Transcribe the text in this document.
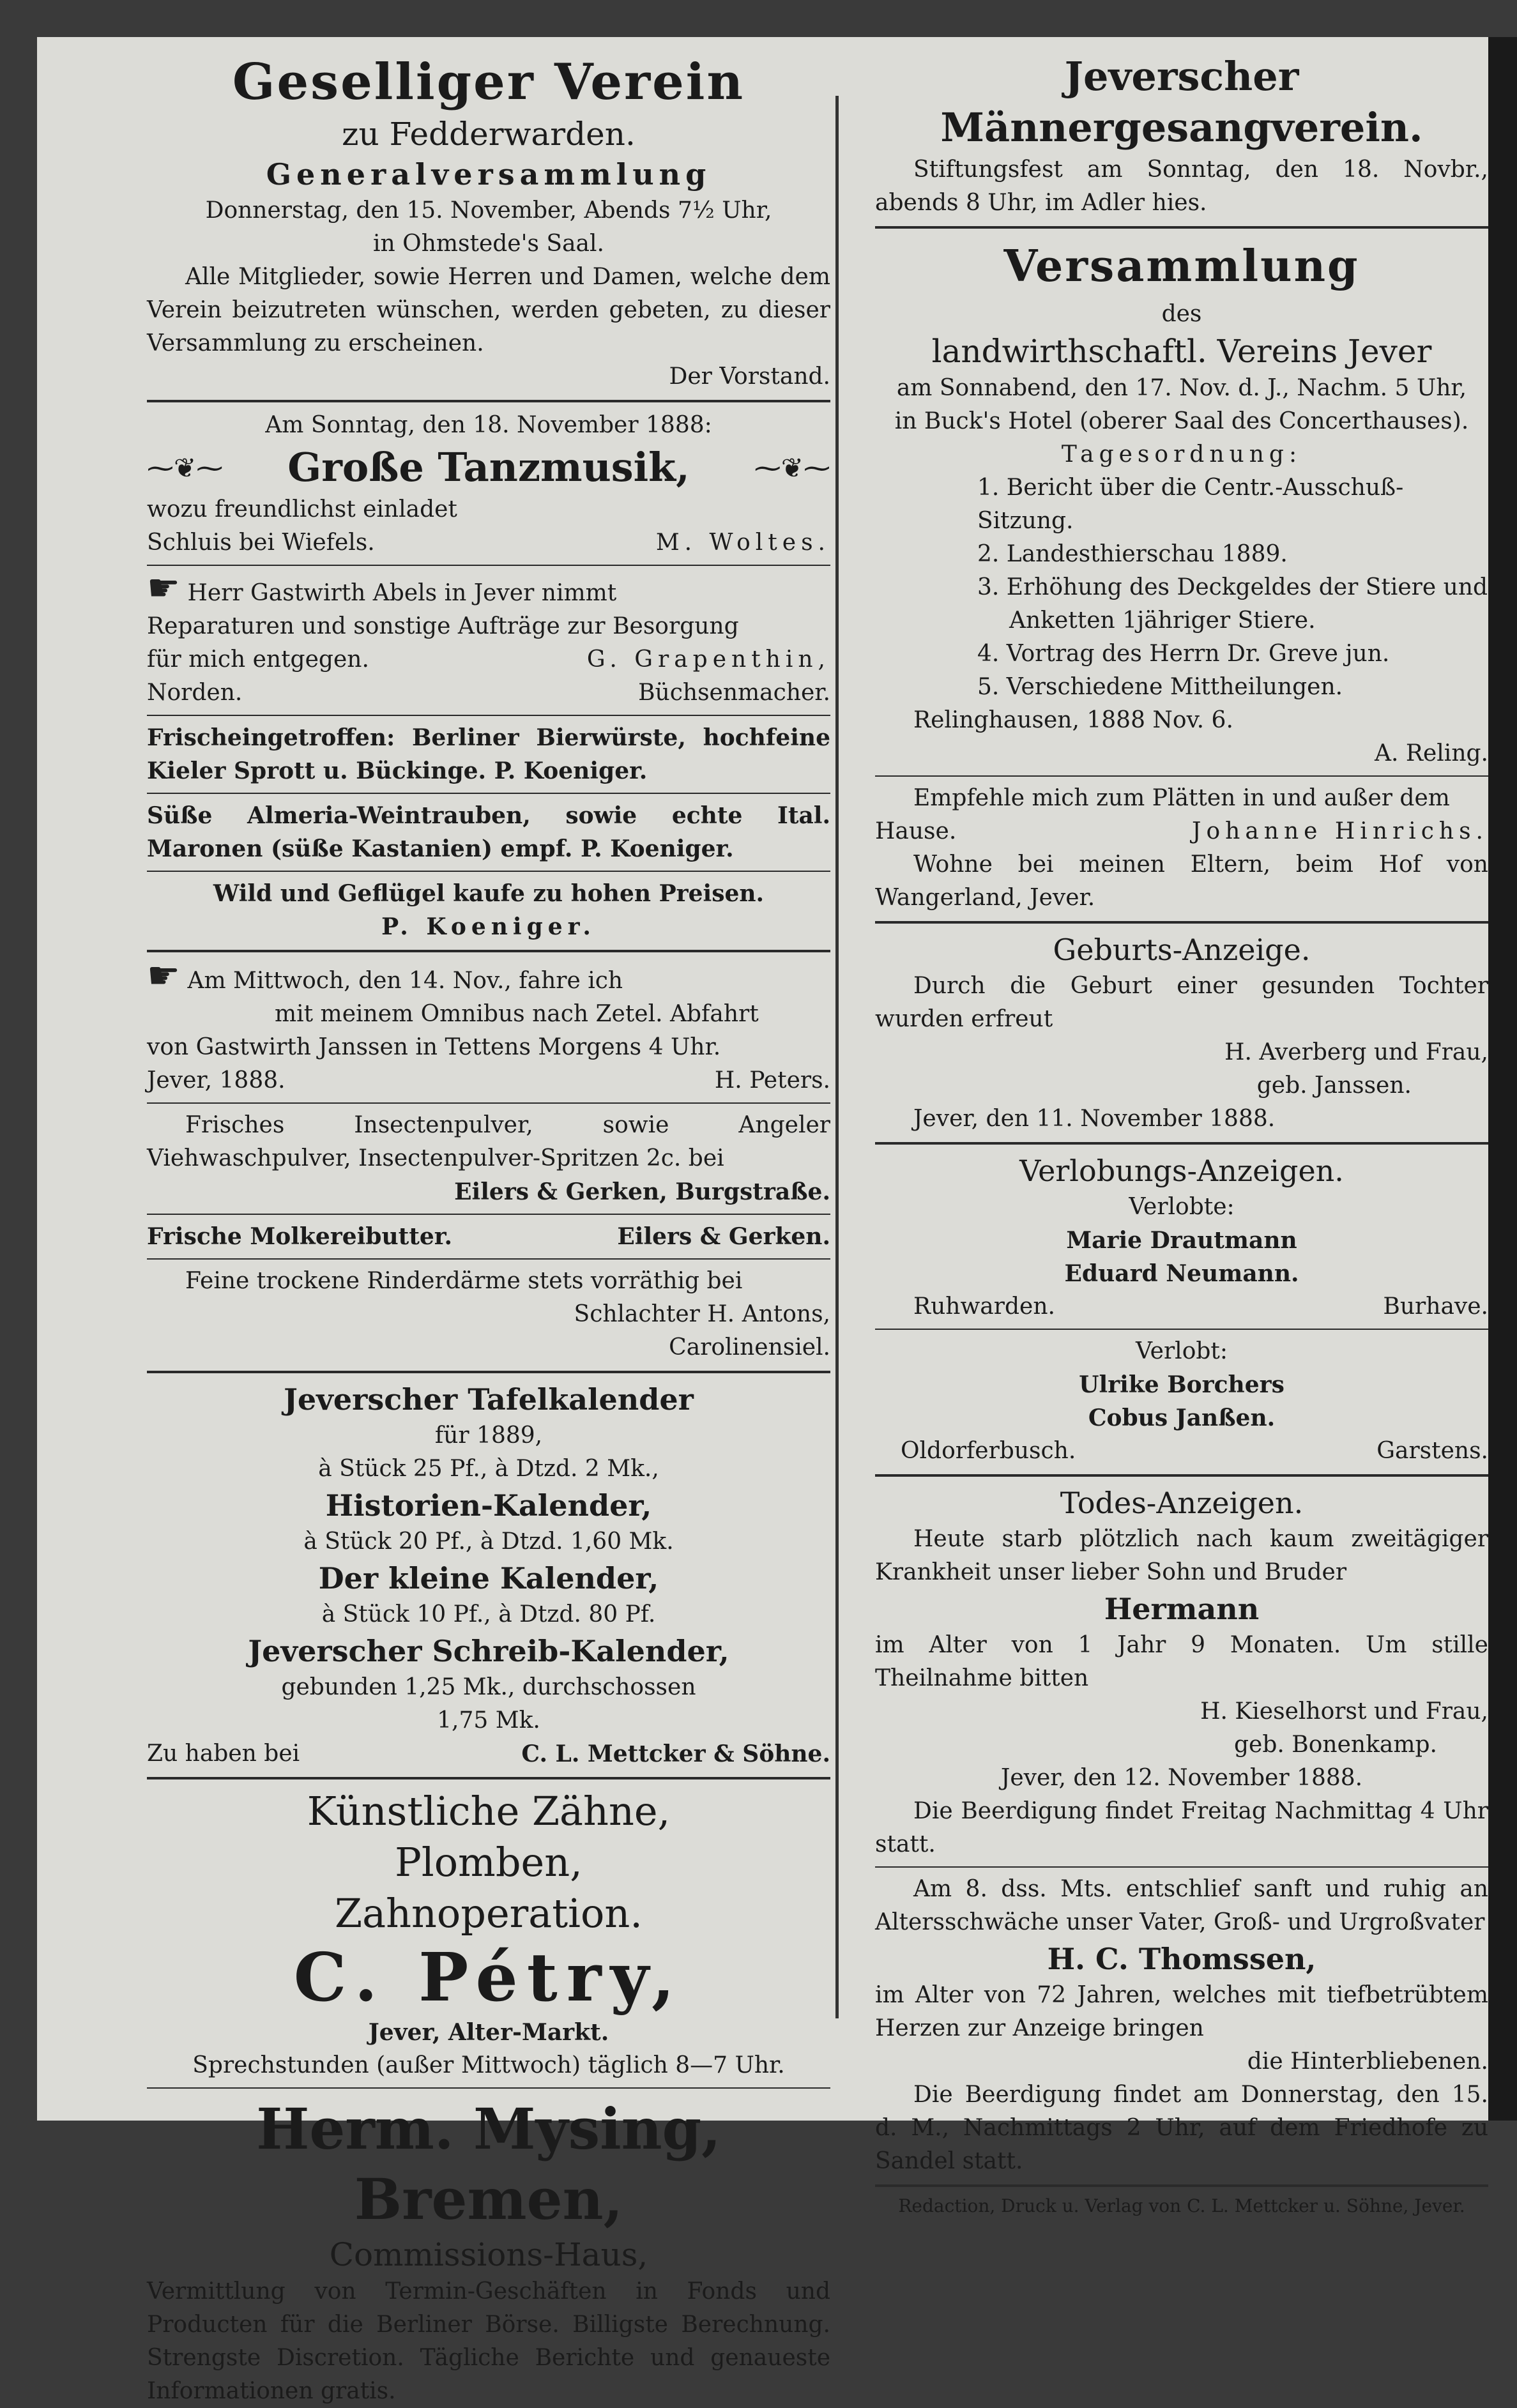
Geselliger Verein

zu Fedderwarden.

Generalversammlung

Donnerstag, den 15. November, Abends 7½ Uhr,

in Ohmstede's Saal.

Alle Mitglieder, sowie Herren und Damen, welche dem Verein beizutreten wünschen, werden gebeten, zu dieser Versammlung zu erscheinen.

Der Vorstand.

Am Sonntag, den 18. November 1888:

⁓❦⁓ Große Tanzmusik, ⁓❦⁓

wozu freundlichst einladet

Schluis bei Wiefels.	M. Woltes.

☛ Herr Gastwirth Abels in Jever nimmt

Reparaturen und sonstige Aufträge zur Besorgung

für mich entgegen.	G. Grapenthin,
Norden.	Büchsenmacher.

Frischeingetroffen: Berliner Bierwürste, hochfeine Kieler Sprott u. Bückinge. P. Koeniger.

Süße Almeria-Weintrauben, sowie echte Ital. Maronen (süße Kastanien) empf. P. Koeniger.

Wild und Geflügel kaufe zu hohen Preisen.

P. Koeniger.

☛ Am Mittwoch, den 14. Nov., fahre ich

mit meinem Omnibus nach Zetel. Abfahrt

von Gastwirth Janssen in Tettens Morgens 4 Uhr.

Jever, 1888.	H. Peters.

Frisches Insectenpulver, sowie Angeler Viehwaschpulver, Insectenpulver-Spritzen 2c. bei

Eilers & Gerken, Burgstraße.

Frische Molkereibutter.	Eilers & Gerken.

Feine trockene Rinderdärme stets vorräthig bei

Schlachter H. Antons,

Carolinensiel.

Jeverscher Tafelkalender

für 1889,

à Stück 25 Pf., à Dtzd. 2 Mk.,

Historien-Kalender,

à Stück 20 Pf., à Dtzd. 1,60 Mk.

Der kleine Kalender,

à Stück 10 Pf., à Dtzd. 80 Pf.

Jeverscher Schreib-Kalender,

gebunden 1,25 Mk., durchschossen

1,75 Mk.

Zu haben bei	C. L. Mettcker & Söhne.

Künstliche Zähne,

Plomben,

Zahnoperation.

C. Pétry,

Jever, Alter-Markt.

Sprechstunden (außer Mittwoch) täglich 8—7 Uhr.

Herm. Mysing, Bremen,

Commissions-Haus,

Vermittlung von Termin-Geschäften in Fonds und Producten für die Berliner Börse. Billigste Berechnung. Strengste Discretion. Tägliche Berichte und genaueste Informationen gratis.

Jeverscher

Männergesangverein.

Stiftungsfest am Sonntag, den 18. Novbr., abends 8 Uhr, im Adler hies.

Versammlung

des

landwirthschaftl. Vereins Jever

am Sonnabend, den 17. Nov. d. J., Nachm. 5 Uhr,

in Buck's Hotel (oberer Saal des Concerthauses).

Tagesordnung:

1. Bericht über die Centr.-Ausschuß-Sitzung.

2. Landesthierschau 1889.

3. Erhöhung des Deckgeldes der Stiere und

Anketten 1jähriger Stiere.

4. Vortrag des Herrn Dr. Greve jun.

5. Verschiedene Mittheilungen.

Relinghausen, 1888 Nov. 6.

A. Reling.

Empfehle mich zum Plätten in und außer dem

Hause.	Johanne Hinrichs.

Wohne bei meinen Eltern, beim Hof von Wangerland, Jever.

Geburts-Anzeige.

Durch die Geburt einer gesunden Tochter wurden erfreut

H. Averberg und Frau,

geb. Janssen.

Jever, den 11. November 1888.

Verlobungs-Anzeigen.

Verlobte:

Marie Drautmann

Eduard Neumann.

Ruhwarden.	Burhave.

Verlobt:

Ulrike Borchers

Cobus Janßen.

Oldorferbusch.	Garstens.

Todes-Anzeigen.

Heute starb plötzlich nach kaum zweitägiger Krankheit unser lieber Sohn und Bruder

Hermann

im Alter von 1 Jahr 9 Monaten. Um stille Theilnahme bitten

H. Kieselhorst und Frau,

geb. Bonenkamp.

Jever, den 12. November 1888.

Die Beerdigung findet Freitag Nachmittag 4 Uhr statt.

Am 8. dss. Mts. entschlief sanft und ruhig an Altersschwäche unser Vater, Groß- und Urgroßvater

H. C. Thomssen,

im Alter von 72 Jahren, welches mit tiefbetrübtem Herzen zur Anzeige bringen

die Hinterbliebenen.

Die Beerdigung findet am Donnerstag, den 15. d. M., Nachmittags 2 Uhr, auf dem Friedhofe zu Sandel statt.

Redaction, Druck u. Verlag von C. L. Mettcker u. Söhne, Jever.
